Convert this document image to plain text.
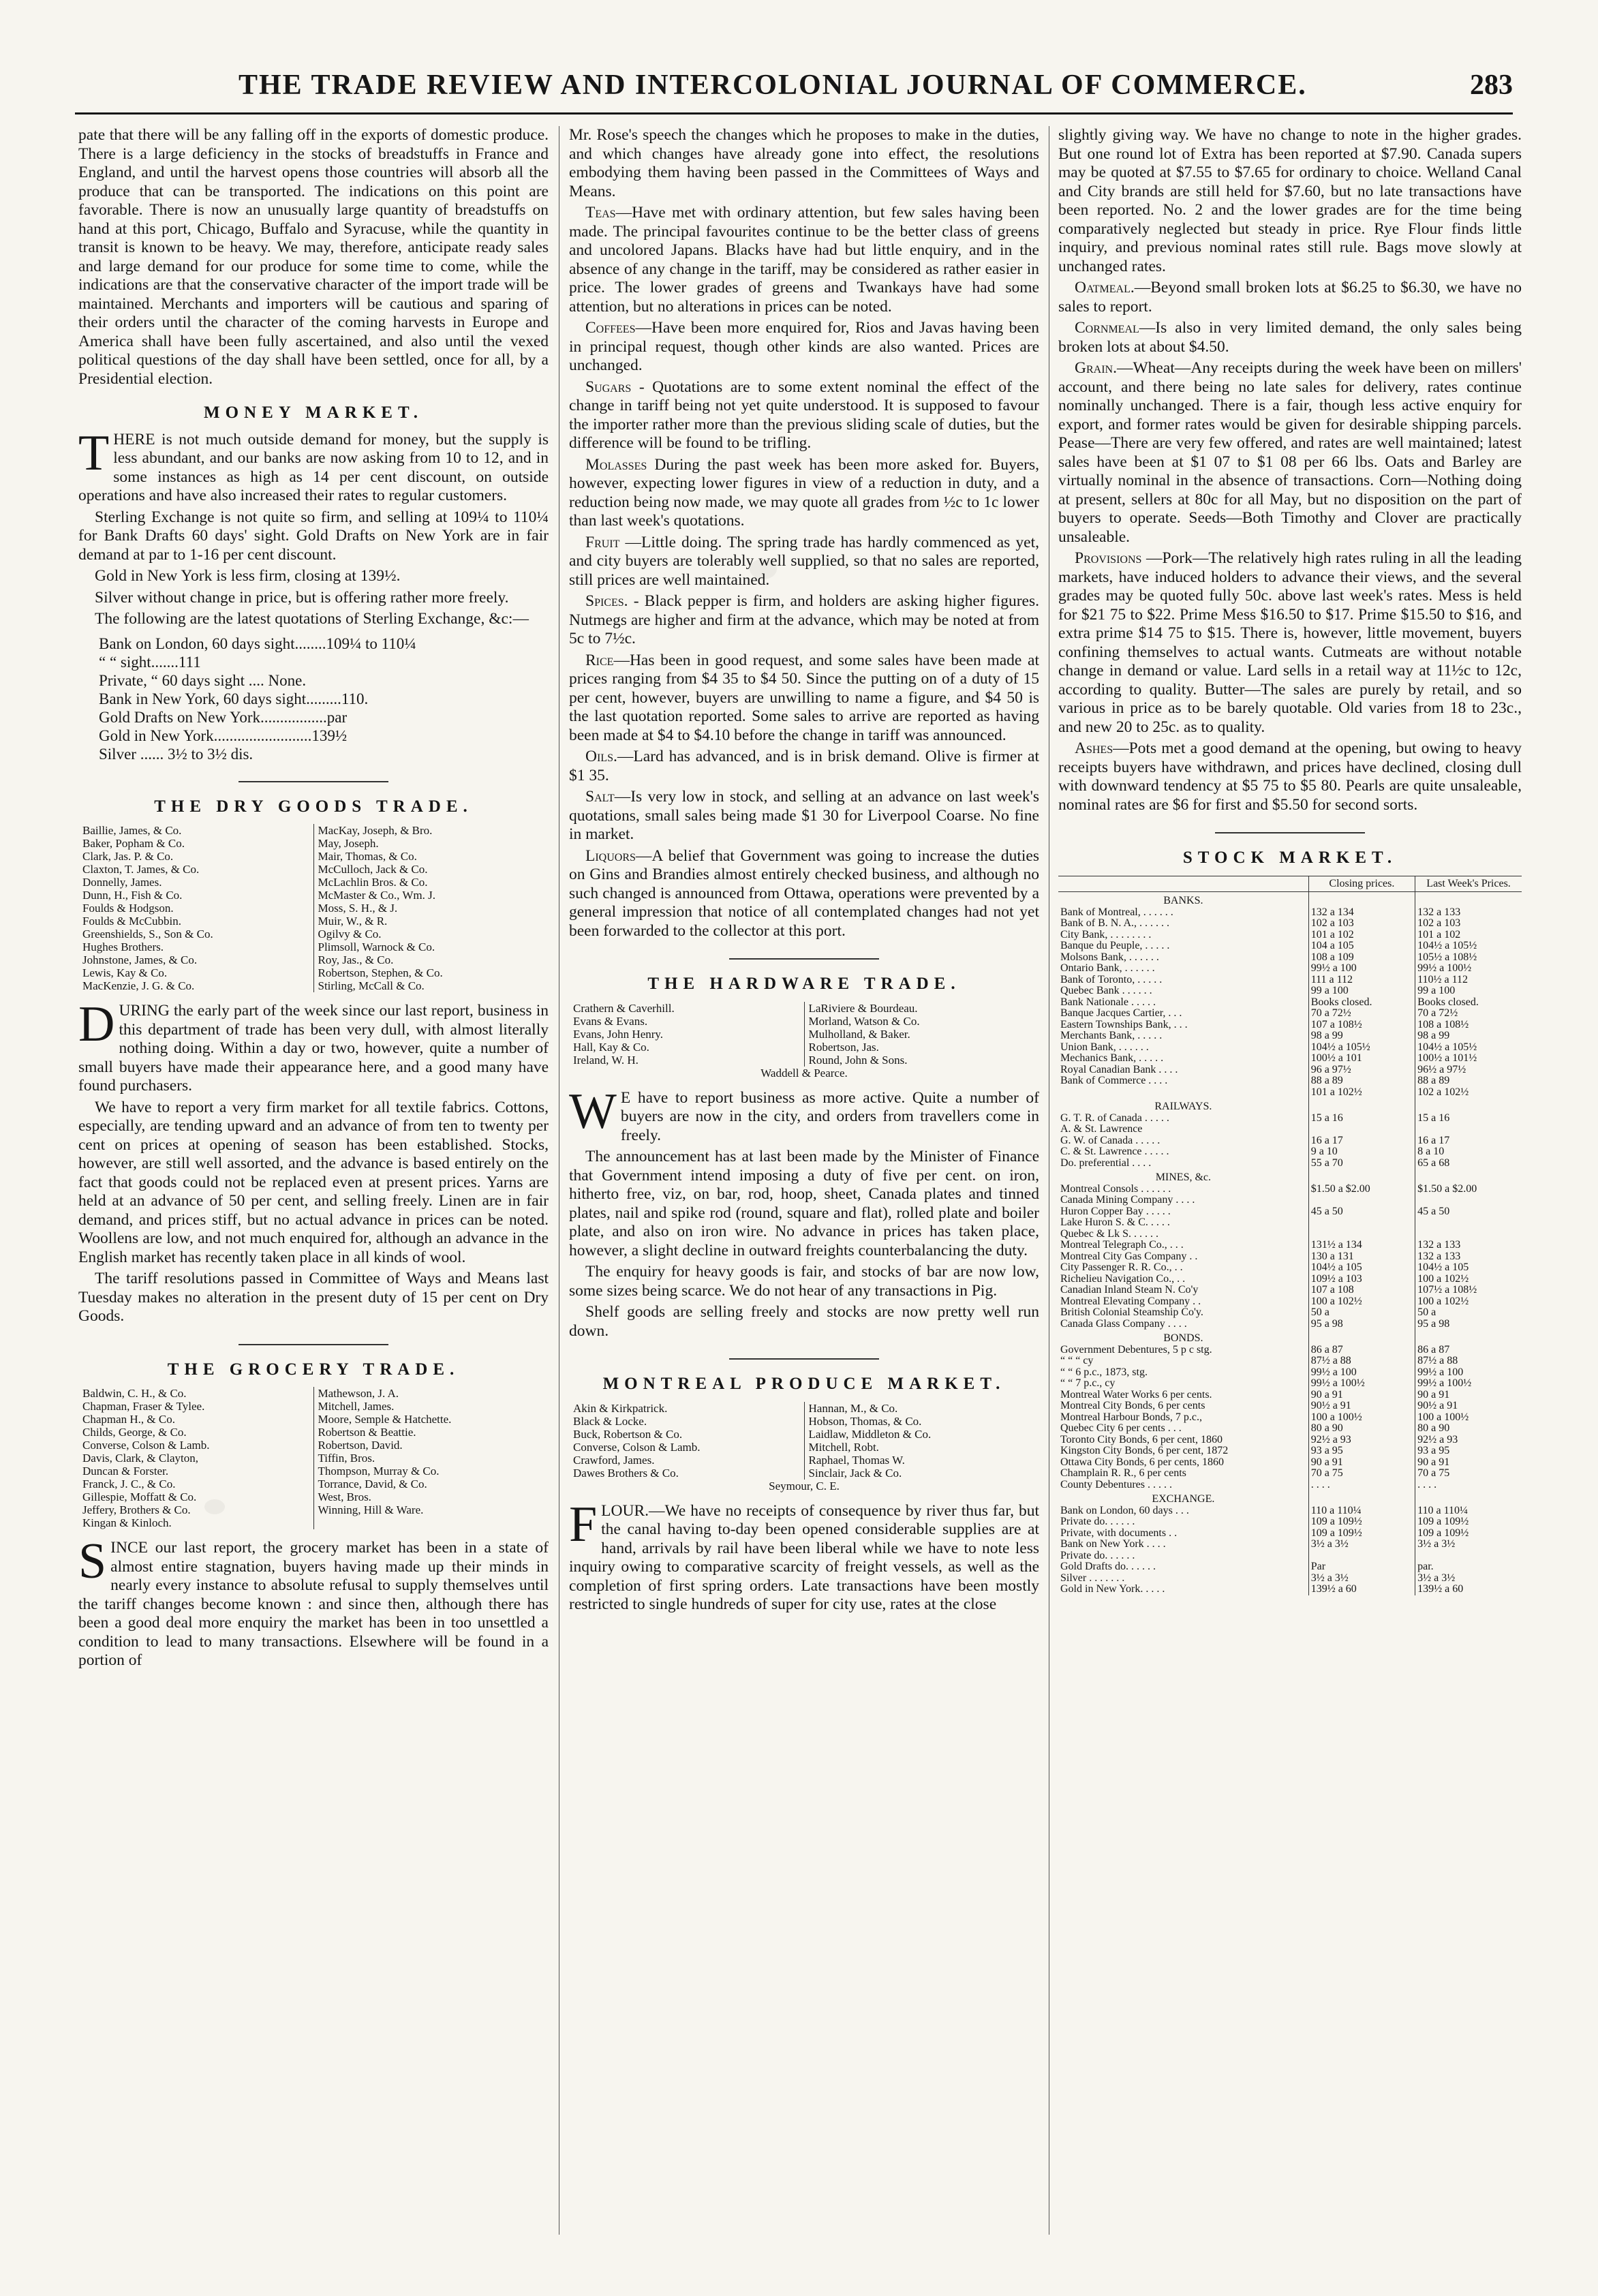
THE TRADE REVIEW AND INTERCOLONIAL JOURNAL OF COMMERCE.	283

pate that there will be any falling off in the exports of domestic produce. There is a large deficiency in the stocks of breadstuffs in France and England, and until the harvest opens those countries will absorb all the produce that can be transported. The indications on this point are favorable. There is now an unusually large quantity of breadstuffs on hand at this port, Chicago, Buffalo and Syracuse, while the quantity in transit is known to be heavy. We may, therefore, anticipate ready sales and large demand for our produce for some time to come, while the indications are that the conservative character of the import trade will be maintained. Merchants and importers will be cautious and sparing of their orders until the character of the coming harvests in Europe and America shall have been fully ascertained, and also until the vexed political questions of the day shall have been settled, once for all, by a Presidential election.

MONEY MARKET.

THERE is not much outside demand for money, but the supply is less abundant, and our banks are now asking from 10 to 12, and in some instances as high as 14 per cent discount, on outside operations and have also increased their rates to regular customers.

Sterling Exchange is not quite so firm, and selling at 109¼ to 110¼ for Bank Drafts 60 days' sight. Gold Drafts on New York are in fair demand at par to 1-16 per cent discount.

Gold in New York is less firm, closing at 139½.

Silver without change in price, but is offering rather more freely.

The following are the latest quotations of Sterling Exchange, &c:—

Bank on London, 60 days sight........109¼ to 110¼
“ “ sight.......111
Private, “ 60 days sight .... None.
Bank in New York, 60 days sight.........110.
Gold Drafts on New York.................par
Gold in New York.........................139½
Silver ...... 3½ to 3½ dis.
THE DRY GOODS TRADE.
Baillie, James, & Co.
Baker, Popham & Co.
Clark, Jas. P. & Co.
Claxton, T. James, & Co.
Donnelly, James.
Dunn, H., Fish & Co.
Foulds & Hodgson.
Foulds & McCubbin.
Greenshields, S., Son & Co.
Hughes Brothers.
Johnstone, James, & Co.
Lewis, Kay & Co.
MacKenzie, J. G. & Co.
MacKay, Joseph, & Bro.
May, Joseph.
Mair, Thomas, & Co.
McCulloch, Jack & Co.
McLachlin Bros. & Co.
McMaster & Co., Wm. J.
Moss, S. H., & J.
Muir, W., & R.
Ogilvy & Co.
Plimsoll, Warnock & Co.
Roy, Jas., & Co.
Robertson, Stephen, & Co.
Stirling, McCall & Co.

DURING the early part of the week since our last report, business in this department of trade has been very dull, with almost literally nothing doing. Within a day or two, however, quite a number of small buyers have made their appearance here, and a good many have found purchasers.

We have to report a very firm market for all textile fabrics. Cottons, especially, are tending upward and an advance of from ten to twenty per cent on prices at opening of season has been established. Stocks, however, are still well assorted, and the advance is based entirely on the fact that goods could not be replaced even at present prices. Yarns are held at an advance of 50 per cent, and selling freely. Linen are in fair demand, and prices stiff, but no actual advance in prices can be noted. Woollens are low, and not much enquired for, although an advance in the English market has recently taken place in all kinds of wool.

The tariff resolutions passed in Committee of Ways and Means last Tuesday makes no alteration in the present duty of 15 per cent on Dry Goods.

THE GROCERY TRADE.
Baldwin, C. H., & Co.
Chapman, Fraser & Tylee.
Chapman H., & Co.
Childs, George, & Co.
Converse, Colson & Lamb.
Davis, Clark, & Clayton,
Duncan & Forster.
Franck, J. C., & Co.
Gillespie, Moffatt & Co.
Jeffery, Brothers & Co.
Kingan & Kinloch.
Mathewson, J. A.
Mitchell, James.
Moore, Semple & Hatchette.
Robertson & Beattie.
Robertson, David.
Tiffin, Bros.
Thompson, Murray & Co.
Torrance, David, & Co.
West, Bros.
Winning, Hill & Ware.

SINCE our last report, the grocery market has been in a state of almost entire stagnation, buyers having made up their minds in nearly every instance to absolute refusal to supply themselves until the tariff changes become known : and since then, although there has been a good deal more enquiry the market has been in too unsettled a condition to lead to many transactions. Elsewhere will be found in a portion of

Mr. Rose's speech the changes which he proposes to make in the duties, and which changes have already gone into effect, the resolutions embodying them having been passed in the Committees of Ways and Means.

Teas—Have met with ordinary attention, but few sales having been made. The principal favourites continue to be the better class of greens and uncolored Japans. Blacks have had but little enquiry, and in the absence of any change in the tariff, may be considered as rather easier in price. The lower grades of greens and Twankays have had some attention, but no alterations in prices can be noted.

Coffees—Have been more enquired for, Rios and Javas having been in principal request, though other kinds are also wanted. Prices are unchanged.

Sugars - Quotations are to some extent nominal the effect of the change in tariff being not yet quite understood. It is supposed to favour the importer rather more than the previous sliding scale of duties, but the difference will be found to be trifling.

Molasses During the past week has been more asked for. Buyers, however, expecting lower figures in view of a reduction in duty, and a reduction being now made, we may quote all grades from ½c to 1c lower than last week's quotations.

Fruit —Little doing. The spring trade has hardly commenced as yet, and city buyers are tolerably well supplied, so that no sales are reported, still prices are well maintained.

Spices. - Black pepper is firm, and holders are asking higher figures. Nutmegs are higher and firm at the advance, which may be noted at from 5c to 7½c.

Rice—Has been in good request, and some sales have been made at prices ranging from $4 35 to $4 50. Since the putting on of a duty of 15 per cent, however, buyers are unwilling to name a figure, and $4 50 is the last quotation reported. Some sales to arrive are reported as having been made at $4 to $4.10 before the change in tariff was announced.

Oils.—Lard has advanced, and is in brisk demand. Olive is firmer at $1 35.

Salt—Is very low in stock, and selling at an advance on last week's quotations, small sales being made $1 30 for Liverpool Coarse. No fine in market.

Liquors—A belief that Government was going to increase the duties on Gins and Brandies almost entirely checked business, and although no such changed is announced from Ottawa, operations were prevented by a general impression that notice of all contemplated changes had not yet been forwarded to the collector at this port.

THE HARDWARE TRADE.
Crathern & Caverhill.
Evans & Evans.
Evans, John Henry.
Hall, Kay & Co.
Ireland, W. H.
LaRiviere & Bourdeau.
Morland, Watson & Co.
Mulholland, & Baker.
Robertson, Jas.
Round, John & Sons.
Waddell & Pearce.

W E have to report business as more active. Quite a number of buyers are now in the city, and orders from travellers come in freely.

The announcement has at last been made by the Minister of Finance that Government intend imposing a duty of five per cent. on iron, hitherto free, viz, on bar, rod, hoop, sheet, Canada plates and tinned plates, nail and spike rod (round, square and flat), rolled plate and boiler plate, and also on iron wire. No advance in prices has taken place, however, a slight decline in outward freights counterbalancing the duty.

The enquiry for heavy goods is fair, and stocks of bar are now low, some sizes being scarce. We do not hear of any transactions in Pig.

Shelf goods are selling freely and stocks are now pretty well run down.

MONTREAL PRODUCE MARKET.
Akin & Kirkpatrick.
Black & Locke.
Buck, Robertson & Co.
Converse, Colson & Lamb.
Crawford, James.
Dawes Brothers & Co.
Hannan, M., & Co.
Hobson, Thomas, & Co.
Laidlaw, Middleton & Co.
Mitchell, Robt.
Raphael, Thomas W.
Sinclair, Jack & Co.
Seymour, C. E.

FLOUR.—We have no receipts of consequence by river thus far, but the canal having to-day been opened considerable supplies are at hand, arrivals by rail have been liberal while we have to note less inquiry owing to comparative scarcity of freight vessels, as well as the completion of first spring orders. Late transactions have been mostly restricted to single hundreds of super for city use, rates at the close

slightly giving way. We have no change to note in the higher grades. But one round lot of Extra has been reported at $7.90. Canada supers may be quoted at $7.55 to $7.65 for ordinary to choice. Welland Canal and City brands are still held for $7.60, but no late transactions have been reported. No. 2 and the lower grades are for the time being comparatively neglected but steady in price. Rye Flour finds little inquiry, and previous nominal rates still rule. Bags move slowly at unchanged rates.

Oatmeal.—Beyond small broken lots at $6.25 to $6.30, we have no sales to report.

Cornmeal—Is also in very limited demand, the only sales being broken lots at about $4.50.

Grain.—Wheat—Any receipts during the week have been on millers' account, and there being no late sales for delivery, rates continue nominally unchanged. There is a fair, though less active enquiry for export, and former rates would be given for desirable shipping parcels. Pease—There are very few offered, and rates are well maintained; latest sales have been at $1 07 to $1 08 per 66 lbs. Oats and Barley are virtually nominal in the absence of transactions. Corn—Nothing doing at present, sellers at 80c for all May, but no disposition on the part of buyers to operate. Seeds—Both Timothy and Clover are practically unsaleable.

Provisions —Pork—The relatively high rates ruling in all the leading markets, have induced holders to advance their views, and the several grades may be quoted fully 50c. above last week's rates. Mess is held for $21 75 to $22. Prime Mess $16.50 to $17. Prime $15.50 to $16, and extra prime $14 75 to $15. There is, however, little movement, buyers confining themselves to actual wants. Cutmeats are without notable change in demand or value. Lard sells in a retail way at 11½c to 12c, according to quality. Butter—The sales are purely by retail, and so various in price as to be barely quotable. Old varies from 18 to 23c., and new 20 to 25c. as to quality.

Ashes—Pots met a good demand at the opening, but owing to heavy receipts buyers have withdrawn, and prices have declined, closing dull with downward tendency at $5 75 to $5 80. Pearls are quite unsaleable, nominal rates are $6 for first and $5.50 for second sorts.

STOCK MARKET.
	Closing prices.	Last Week's Prices.
BANKS.		
Bank of Montreal, . . . . . .	132 a 134	132 a 133
Bank of B. N. A., . . . . . .	102 a 103	102 a 103
City Bank, . . . . . . . .	101 a 102	101 a 102
Banque du Peuple, . . . . .	104 a 105	104½ a 105½
Molsons Bank, . . . . . .	108 a 109	105½ a 108½
Ontario Bank, . . . . . .	99½ a 100	99½ a 100½
Bank of Toronto, . . . . .	111 a 112	110½ a 112
Quebec Bank . . . . . .	99 a 100	99 a 100
Bank Nationale . . . . .	Books closed.	Books closed.
Banque Jacques Cartier, . . .	70 a 72½	70 a 72½
Eastern Townships Bank, . . .	107 a 108½	108 a 108½
Merchants Bank, . . . . .	98 a 99	98 a 99
Union Bank, . . . . . .	104½ a 105½	104½ a 105½
Mechanics Bank, . . . . .	100½ a 101	100½ a 101½
Royal Canadian Bank . . . .	96 a 97½	96½ a 97½
Bank of Commerce . . . .	88 a 89	88 a 89
	101 a 102½	102 a 102½
RAILWAYS.		
G. T. R. of Canada . . . . .	15 a 16	15 a 16
A. & St. Lawrence		
G. W. of Canada . . . . .	16 a 17	16 a 17
C. & St. Lawrence . . . . .	9 a 10	8 a 10
Do. preferential . . . .	55 a 70	65 a 68
MINES, &c.		
Montreal Consols . . . . . .	$1.50 a $2.00	$1.50 a $2.00
Canada Mining Company . . . .		
Huron Copper Bay . . . . .	45 a 50	45 a 50
Lake Huron S. & C. . . . .		
Quebec & Lk S. . . . . .		
Montreal Telegraph Co., . . .	131½ a 134	132 a 133
Montreal City Gas Company . .	130 a 131	132 a 133
City Passenger R. R. Co., . .	104½ a 105	104½ a 105
Richelieu Navigation Co., . .	109½ a 103	100 a 102½
Canadian Inland Steam N. Co'y	107 a 108	107½ a 108½
Montreal Elevating Company . .	100 a 102½	100 a 102½
British Colonial Steamship Co'y.	50 a	50 a
Canada Glass Company . . . .	95 a 98	95 a 98
BONDS.		
Government Debentures, 5 p c stg.	86 a 87	86 a 87
“ “ “ cy	87½ a 88	87½ a 88
“ “ 6 p.c., 1873, stg.	99½ a 100	99½ a 100
“ “ 7 p.c., cy	99½ a 100½	99½ a 100½
Montreal Water Works 6 per cents.	90 a 91	90 a 91
Montreal City Bonds, 6 per cents	90½ a 91	90½ a 91
Montreal Harbour Bonds, 7 p.c.,	100 a 100½	100 a 100½
Quebec City 6 per cents . . .	80 a 90	80 a 90
Toronto City Bonds, 6 per cent, 1860	92½ a 93	92½ a 93
Kingston City Bonds, 6 per cent, 1872	93 a 95	93 a 95
Ottawa City Bonds, 6 per cents, 1860	90 a 91	90 a 91
Champlain R. R., 6 per cents	70 a 75	70 a 75
County Debentures . . . . .	. . . .	. . . .
EXCHANGE.		
Bank on London, 60 days . . .	110 a 110¼	110 a 110¼
Private do. . . . . .	109 a 109½	109 a 109½
Private, with documents . .	109 a 109½	109 a 109½
Bank on New York . . . .	3½ a 3½	3½ a 3½
Private do. . . . . .		
Gold Drafts do. . . . . .	Par	par.
Silver . . . . . . .	3½ a 3½	3½ a 3½
Gold in New York. . . . .	139½ a 60	139½ a 60
